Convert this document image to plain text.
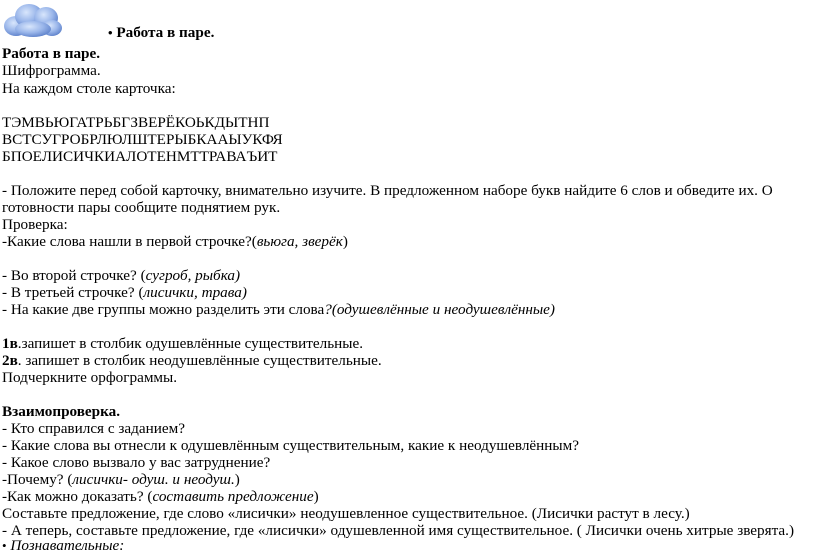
• Работа в паре.
Работа в паре.
Шифрограмма.
На каждом столе карточка:
ТЭМВЬЮГАТРЬБГЗВЕРЁКОЬКДЫТНП
ВСТСУГРОБРЛЮЛШТЕРЫБКААЫУКФЯ
БПОЕЛИСИЧКИАЛОТЕНМТТРАВАЪИТ
- Положите перед собой карточку, внимательно изучите. В предложенном наборе букв найдите 6 слов и обведите их. О
готовности пары сообщите поднятием рук.
Проверка:
-Какие слова нашли в первой строчке?(вьюга, зверёк)
- Во второй строчке? (сугроб, рыбка)
- В третьей строчке? (лисички, трава)
- На какие две группы можно разделить эти слова?(одушевлённые и неодушевлённые)
1в.запишет в столбик одушевлённые существительные.
2в. запишет в столбик неодушевлённые существительные.
Подчеркните орфограммы.
Взаимопроверка.
- Кто справился с заданием?
- Какие слова вы отнесли к одушевлённым существительным, какие к неодушевлённым?
- Какое слово вызвало у вас затруднение?
-Почему? (лисички- одуш. и неодуш.)
-Как можно доказать? (составить предложение)
Составьте предложение, где слово «лисички» неодушевленное существительное. (Лисички растут в лесу.)
- А теперь, составьте предложение, где «лисички» одушевленной имя существительное. ( Лисички очень хитрые зверята.)
• Познавательные:
